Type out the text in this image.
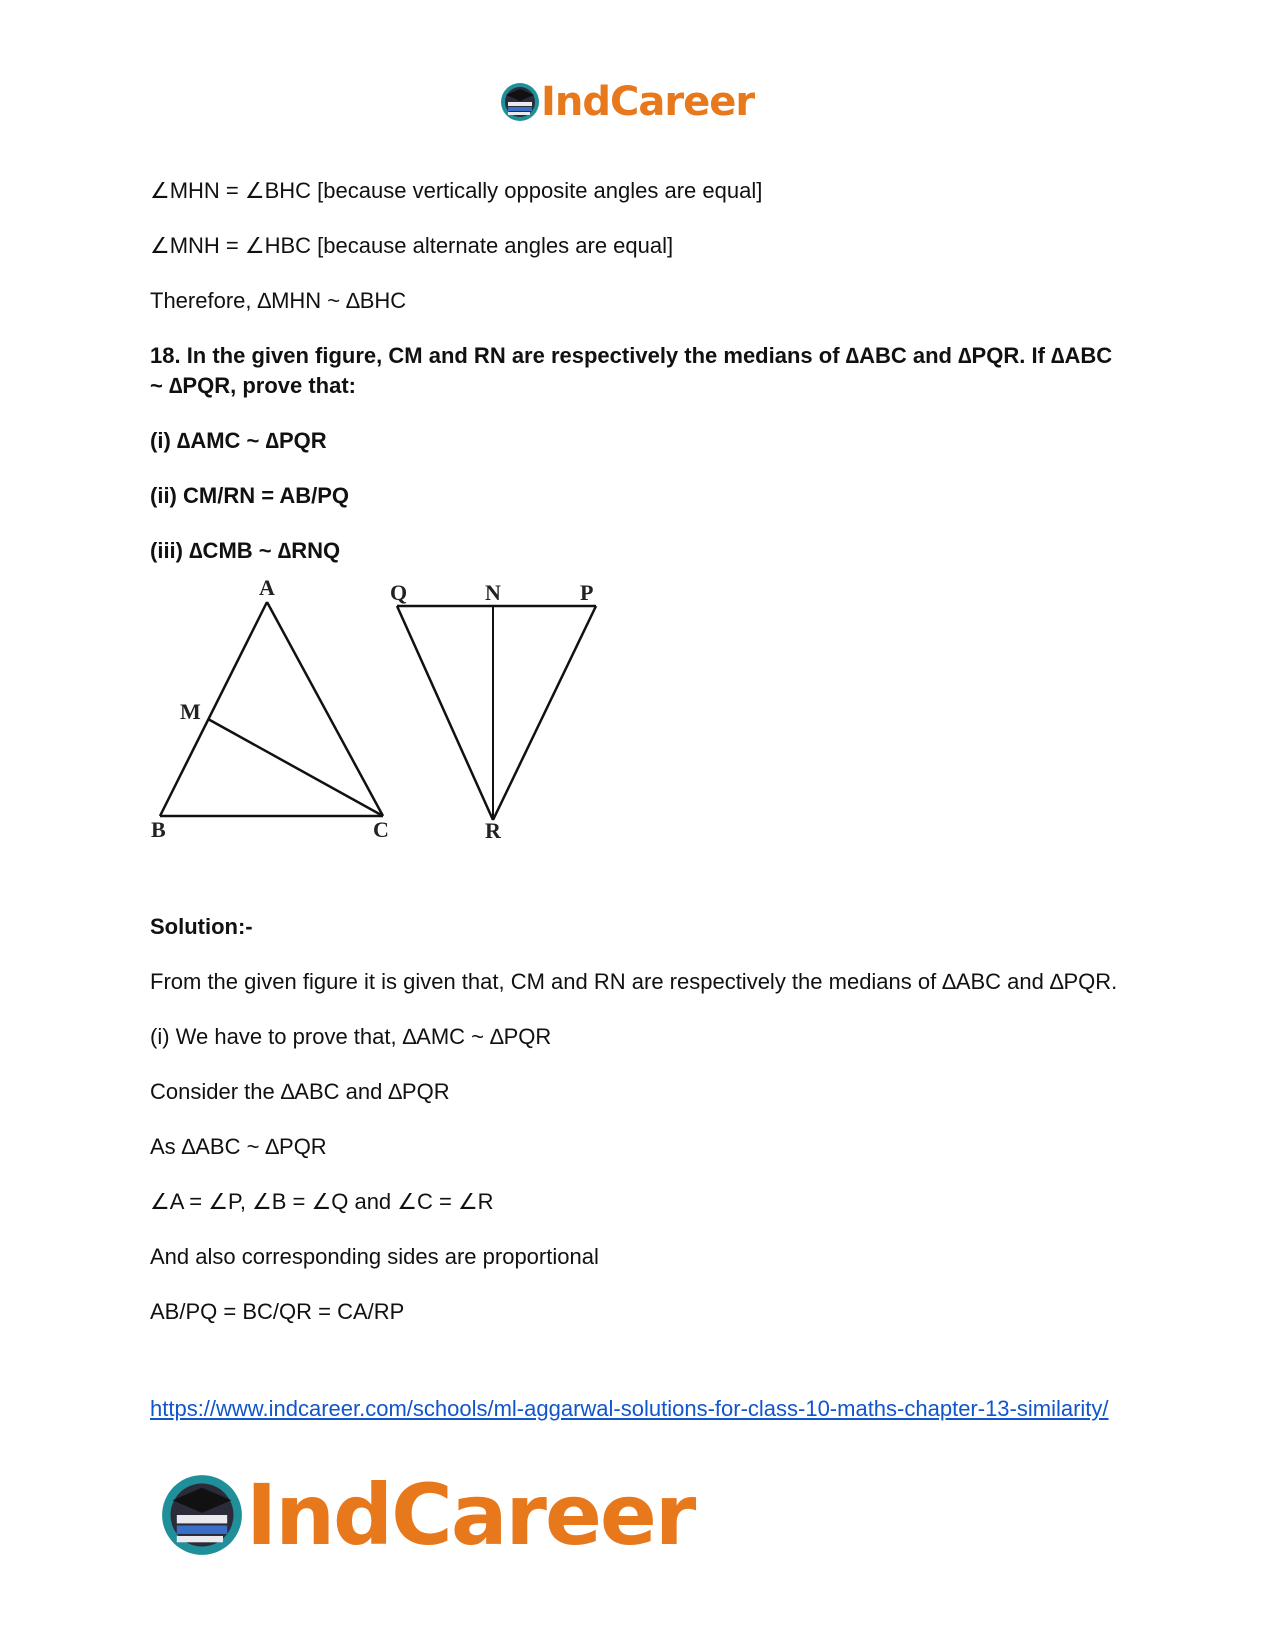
IndCareer

∠MHN = ∠BHC [because vertically opposite angles are equal]

∠MNH = ∠HBC [because alternate angles are equal]

Therefore, ∆MHN ~ ∆BHC

18. In the given figure, CM and RN are respectively the medians of ∆ABC and ∆PQR. If ∆ABC ~ ∆PQR, prove that:

(i) ∆AMC ~ ∆PQR

(ii) CM/RN = AB/PQ

(iii) ∆CMB ~ ∆RNQ

A
M
B	C
Q	N	P
R

Solution:-

From the given figure it is given that, CM and RN are respectively the medians of ∆ABC and ∆PQR.

(i) We have to prove that, ∆AMC ~ ∆PQR

Consider the ∆ABC and ∆PQR

As ∆ABC ~ ∆PQR

∠A = ∠P, ∠B = ∠Q and ∠C = ∠R

And also corresponding sides are proportional

AB/PQ = BC/QR = CA/RP

https://www.indcareer.com/schools/ml-aggarwal-solutions-for-class-10-maths-chapter-13-similarity/
IndCareer
